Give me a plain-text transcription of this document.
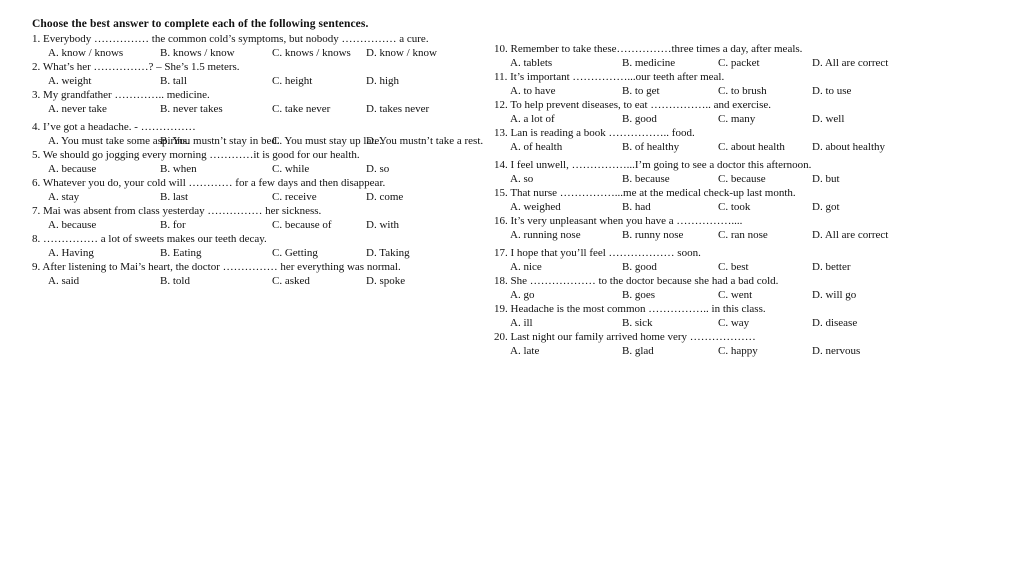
Choose the best answer to complete each of the following sentences.
1. Everybody …………… the common cold’s symptoms, but nobody …………… a cure.
A. know / knows	B. knows / know	C. knows / knows D. know / know
2. What’s her ……………? – She’s 1.5 meters.
A. weight	B. tall	C. height	D. high
3. My grandfather ………….. medicine.
A. never take	B. never takes	C. take never	D. takes never
4. I’ve got a headache. - ……………
A. You must take some aspirins.
B. You mustn’t stay in bed.
C. You must stay up late.
D. You mustn’t take a rest.
5. We should go jogging every morning …………it is good for our health.
A. because	B. when	C. while	D. so
6. Whatever you do, your cold will ………… for a few days and then disappear.
A. stay	B. last	C. receive	D. come
7. Mai was absent from class yesterday …………… her sickness.
A. because	B. for	C. because of	D. with
8. …………… a lot of sweets makes our teeth decay.
A. Having	B. Eating	C. Getting	D. Taking
9. After listening to Mai’s heart, the doctor …………… her everything was normal.
A. said	B. told	C. asked	D. spoke
10. Remember to take these……………three times a day, after meals.
A. tablets	B. medicine	C. packet	D. All are correct
11. It’s important ……………...our teeth after meal.
A. to have	B. to get	C. to brush	D. to use
12. To help prevent diseases, to eat …………….. and exercise.
A. a lot of	B. good	C. many	D. well
13. Lan is reading a book …………….. food.
A. of health	B. of healthy	C. about health D. about healthy
14. I feel unwell, ……………...I’m going to see a doctor this afternoon.
A. so	B. because	C. because	D. but
15. That nurse ……………...me at the medical check-up last month.
A. weighed	B. had	C. took	D. got
16. It’s very unpleasant when you have a ……………....
A. running nose	B. runny nose	C. ran nose	D. All are correct
17. I hope that you’ll feel ……………… soon.
A. nice	B. good	C. best	D. better
18. She ……………… to the doctor because she had a bad cold.
A. go	B. goes	C. went	D. will go
19. Headache is the most common …………….. in this class.
A. ill	B. sick	C. way	D. disease
20. Last night our family arrived home very ………………
A. late	B. glad	C. happy	D. nervous
